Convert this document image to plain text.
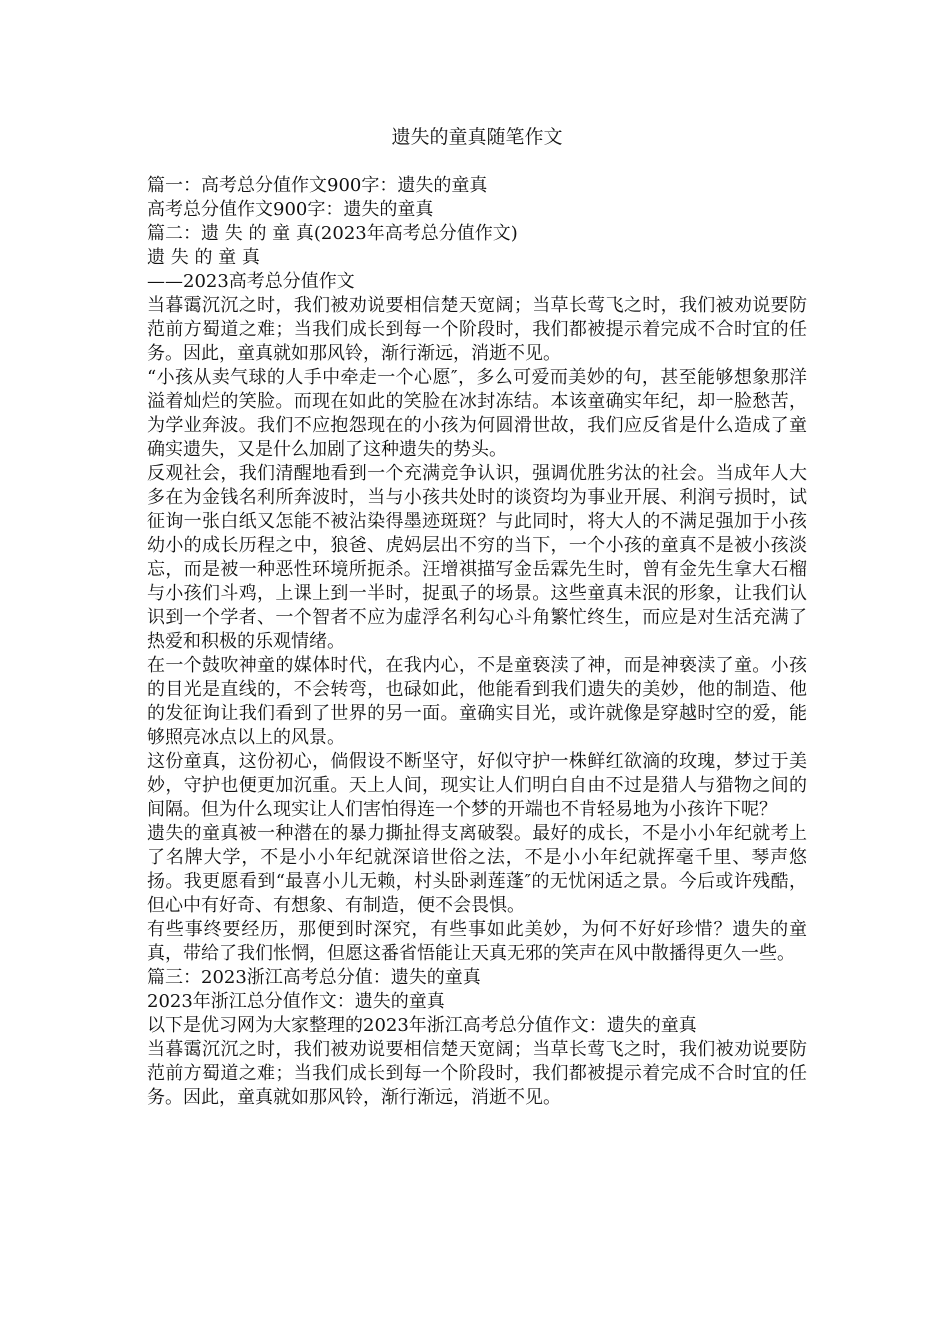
遗失的童真随笔作文

篇一：高考总分值作文900字：遗失的童真

高考总分值作文900字：遗失的童真

篇二：遗 失 的 童 真(2023年高考总分值作文)

遗 失 的 童 真

——2023高考总分值作文

当暮霭沉沉之时，我们被劝说要相信楚天宽阔；当草长莺飞之时，我们被劝说要防范前方蜀道之难；当我们成长到每一个阶段时，我们都被提示着完成不合时宜的任务。因此，童真就如那风铃，渐行渐远，消逝不见。

“小孩从卖气球的人手中牵走一个心愿″，多么可爱而美妙的句，甚至能够想象那洋溢着灿烂的笑脸。而现在如此的笑脸在冰封冻结。本该童确实年纪，却一脸愁苦，为学业奔波。我们不应抱怨现在的小孩为何圆滑世故，我们应反省是什么造成了童确实遗失，又是什么加剧了这种遗失的势头。

反观社会，我们清醒地看到一个充满竞争认识，强调优胜劣汰的社会。当成年人大多在为金钱名利所奔波时，当与小孩共处时的谈资均为事业开展、利润亏损时，试征询一张白纸又怎能不被沾染得墨迹斑斑？与此同时，将大人的不满足强加于小孩幼小的成长历程之中，狼爸、虎妈层出不穷的当下，一个小孩的童真不是被小孩淡忘，而是被一种恶性环境所扼杀。汪增祺描写金岳霖先生时，曾有金先生拿大石榴与小孩们斗鸡，上课上到一半时，捉虱子的场景。这些童真未泯的形象，让我们认识到一个学者、一个智者不应为虚浮名利勾心斗角繁忙终生，而应是对生活充满了热爱和积极的乐观情绪。

在一个鼓吹神童的媒体时代，在我内心，不是童亵渎了神，而是神亵渎了童。小孩的目光是直线的，不会转弯，也碌如此，他能看到我们遗失的美妙，他的制造、他的发征询让我们看到了世界的另一面。童确实目光，或许就像是穿越时空的爱，能够照亮冰点以上的风景。

这份童真，这份初心，倘假设不断坚守，好似守护一株鲜红欲滴的玫瑰，梦过于美妙，守护也便更加沉重。天上人间，现实让人们明白自由不过是猎人与猎物之间的间隔。但为什么现实让人们害怕得连一个梦的开端也不肯轻易地为小孩许下呢？

遗失的童真被一种潜在的暴力撕扯得支离破裂。最好的成长，不是小小年纪就考上了名牌大学，不是小小年纪就深谙世俗之法，不是小小年纪就挥毫千里、琴声悠扬。我更愿看到“最喜小儿无赖，村头卧剥莲蓬″的无忧闲适之景。今后或许残酷，但心中有好奇、有想象、有制造，便不会畏惧。

有些事终要经历，那便到时深究，有些事如此美妙，为何不好好珍惜？遗失的童真，带给了我们怅惘，但愿这番省悟能让天真无邪的笑声在风中散播得更久一些。

篇三：2023浙江高考总分值：遗失的童真

2023年浙江总分值作文：遗失的童真

以下是优习网为大家整理的2023年浙江高考总分值作文：遗失的童真

当暮霭沉沉之时，我们被劝说要相信楚天宽阔；当草长莺飞之时，我们被劝说要防范前方蜀道之难；当我们成长到每一个阶段时，我们都被提示着完成不合时宜的任务。因此，童真就如那风铃，渐行渐远，消逝不见。
